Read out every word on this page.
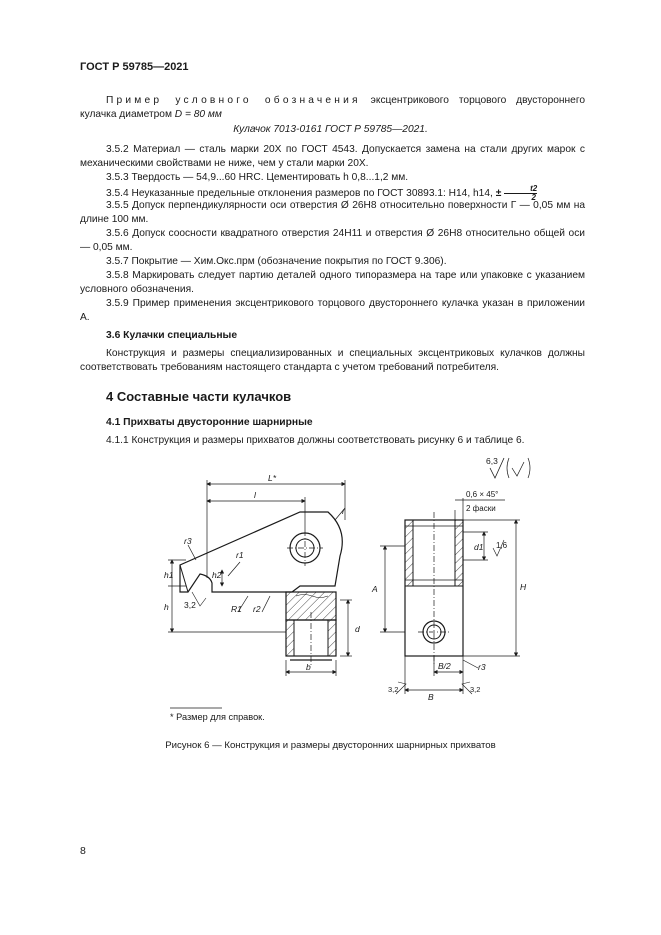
ГОСТ Р 59785—2021
Пример условного обозначения эксцентрикового торцового двустороннего кулачка диаметром D = 80 мм
Кулачок 7013-0161 ГОСТ Р 59785—2021.
3.5.2 Материал — сталь марки 20Х по ГОСТ 4543. Допускается замена на стали других марок с механическими свойствами не ниже, чем у стали марки 20Х.
3.5.3 Твердость — 54,9...60 HRC. Цементировать h 0,8...1,2 мм.
3.5.4 Неуказанные предельные отклонения размеров по ГОСТ 30893.1: H14, h14, ± $\frac{t2}{2}$
3.5.5 Допуск перпендикулярности оси отверстия Ø 26Н8 относительно поверхности Г — 0,05 мм на длине 100 мм.
3.5.6 Допуск соосности квадратного отверстия 24H11 и отверстия Ø 26Н8 относительно общей оси — 0,05 мм.
3.5.7 Покрытие — Хим.Окс.прм (обозначение покрытия по ГОСТ 9.306).
3.5.8 Маркировать следует партию деталей одного типоразмера на таре или упаковке с указанием условного обозначения.
3.5.9 Пример применения эксцентрикового торцового двустороннего кулачка указан в приложении А.
3.6 Кулачки специальные
Конструкция и размеры специализированных и специальных эксцентриковых кулачков должны соответствовать требованиям настоящего стандарта с учетом требований потребителя.
4 Составные части кулачков
4.1 Прихваты двусторонние шарнирные
4.1.1 Конструкция и размеры прихватов должны соответствовать рисунку 6 и таблице 6.
6,3
1,6
0,6 × 45°
2 фаски
L*
l
r
r3
r1
h1	h2
h 3,2	R1 r2
d
b
A	H
d1
B/2
B
r3
3,2	3,2
* Размер для справок.
Рисунок 6 — Конструкция и размеры двусторонних шарнирных прихватов
8
